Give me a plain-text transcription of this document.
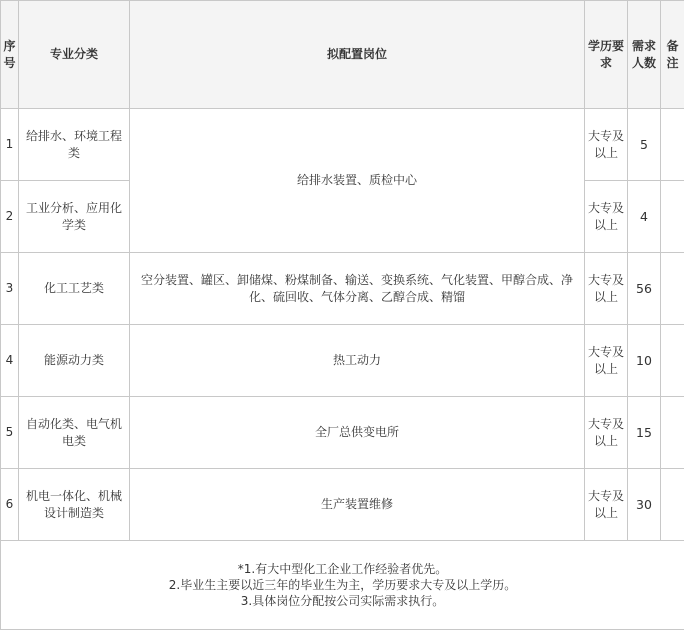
序号	专业分类	拟配置岗位	学历要求	需求人数	备注
1	给排水、环境工程类	给排水装置、质检中心	大专及以上	5	
2	工业分析、应用化学类		大专及以上	4	
3	化工工艺类	空分装置、罐区、卸储煤、粉煤制备、输送、变换系统、气化装置、甲醇合成、净化、硫回收、气体分离、乙醇合成、精馏	大专及以上	56	
4	能源动力类	热工动力	大专及以上	10	
5	自动化类、电气机电类	全厂总供变电所	大专及以上	15	
6	机电一体化、机械设计制造类	生产装置维修	大专及以上	30	

*1.有大中型化工企业工作经验者优先。
2.毕业生主要以近三年的毕业生为主，学历要求大专及以上学历。
3.具体岗位分配按公司实际需求执行。					
